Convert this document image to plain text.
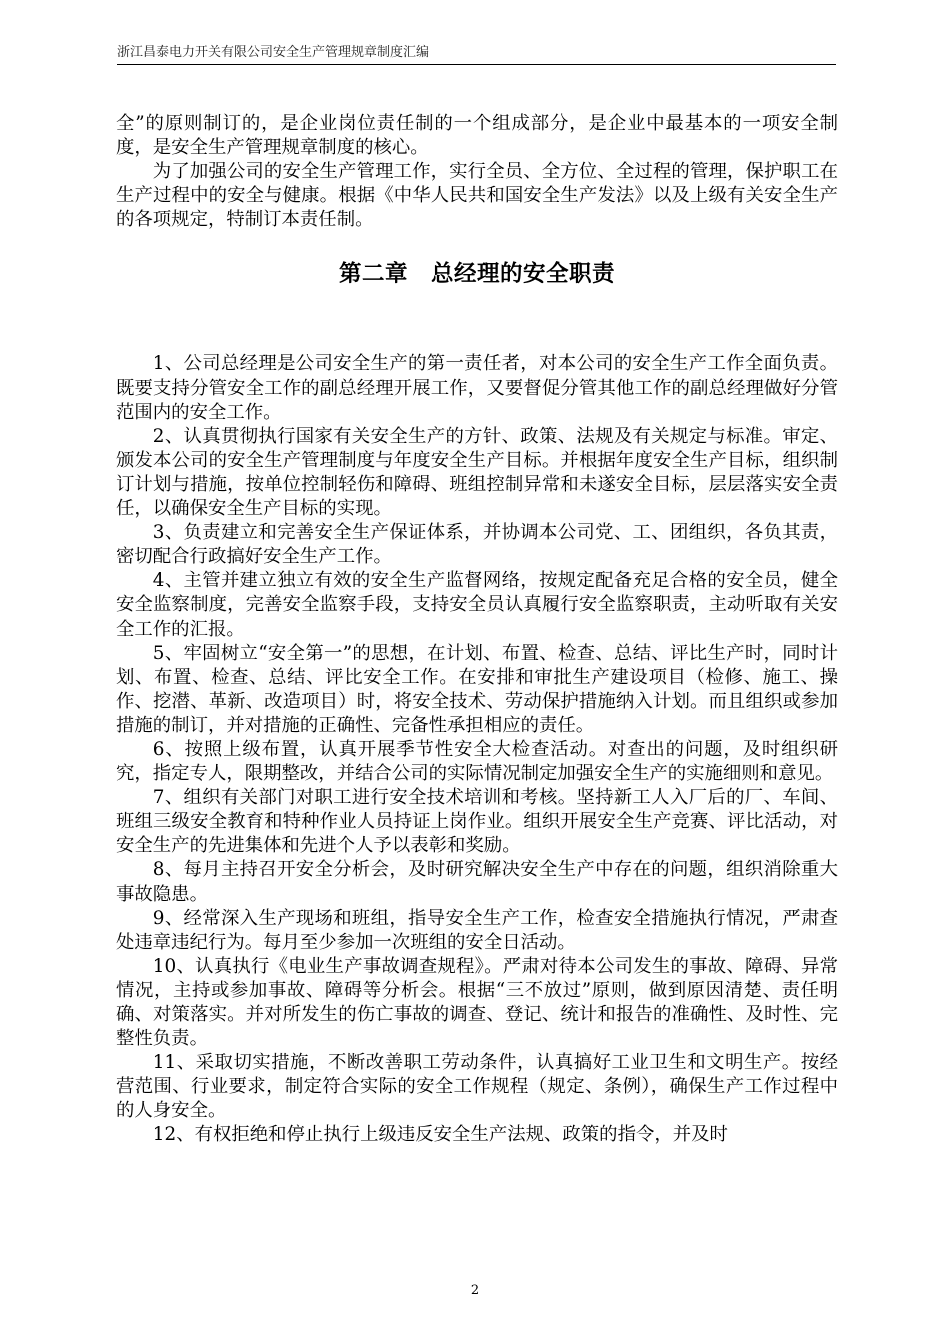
浙江昌泰电力开关有限公司安全生产管理规章制度汇编

全”的原则制订的，是企业岗位责任制的一个组成部分，是企业中最基本的一项安全制度，是安全生产管理规章制度的核心。

为了加强公司的安全生产管理工作，实行全员、全方位、全过程的管理，保护职工在生产过程中的安全与健康。根据《中华人民共和国安全生产发法》以及上级有关安全生产的各项规定，特制订本责任制。

第二章　总经理的安全职责

1、公司总经理是公司安全生产的第一责任者，对本公司的安全生产工作全面负责。既要支持分管安全工作的副总经理开展工作，又要督促分管其他工作的副总经理做好分管范围内的安全工作。

2、认真贯彻执行国家有关安全生产的方针、政策、法规及有关规定与标准。审定、颁发本公司的安全生产管理制度与年度安全生产目标。并根据年度安全生产目标，组织制订计划与措施，按单位控制轻伤和障碍、班组控制异常和未遂安全目标，层层落实安全责任，以确保安全生产目标的实现。

3、负责建立和完善安全生产保证体系，并协调本公司党、工、团组织，各负其责，密切配合行政搞好安全生产工作。

4、主管并建立独立有效的安全生产监督网络，按规定配备充足合格的安全员，健全安全监察制度，完善安全监察手段，支持安全员认真履行安全监察职责，主动听取有关安全工作的汇报。

5、牢固树立“安全第一”的思想，在计划、布置、检查、总结、评比生产时，同时计划、布置、检查、总结、评比安全工作。在安排和审批生产建设项目（检修、施工、操作、挖潜、革新、改造项目）时，将安全技术、劳动保护措施纳入计划。而且组织或参加措施的制订，并对措施的正确性、完备性承担相应的责任。

6、按照上级布置，认真开展季节性安全大检查活动。对查出的问题，及时组织研究，指定专人，限期整改，并结合公司的实际情况制定加强安全生产的实施细则和意见。

7、组织有关部门对职工进行安全技术培训和考核。坚持新工人入厂后的厂、车间、班组三级安全教育和特种作业人员持证上岗作业。组织开展安全生产竞赛、评比活动，对安全生产的先进集体和先进个人予以表彰和奖励。

8、每月主持召开安全分析会，及时研究解决安全生产中存在的问题，组织消除重大事故隐患。

9、经常深入生产现场和班组，指导安全生产工作，检查安全措施执行情况，严肃查处违章违纪行为。每月至少参加一次班组的安全日活动。

10、认真执行《电业生产事故调查规程》。严肃对待本公司发生的事故、障碍、异常情况，主持或参加事故、障碍等分析会。根据“三不放过”原则，做到原因清楚、责任明确、对策落实。并对所发生的伤亡事故的调查、登记、统计和报告的准确性、及时性、完整性负责。

11、采取切实措施，不断改善职工劳动条件，认真搞好工业卫生和文明生产。按经营范围、行业要求，制定符合实际的安全工作规程（规定、条例），确保生产工作过程中的人身安全。

12、有权拒绝和停止执行上级违反安全生产法规、政策的指令，并及时

2
